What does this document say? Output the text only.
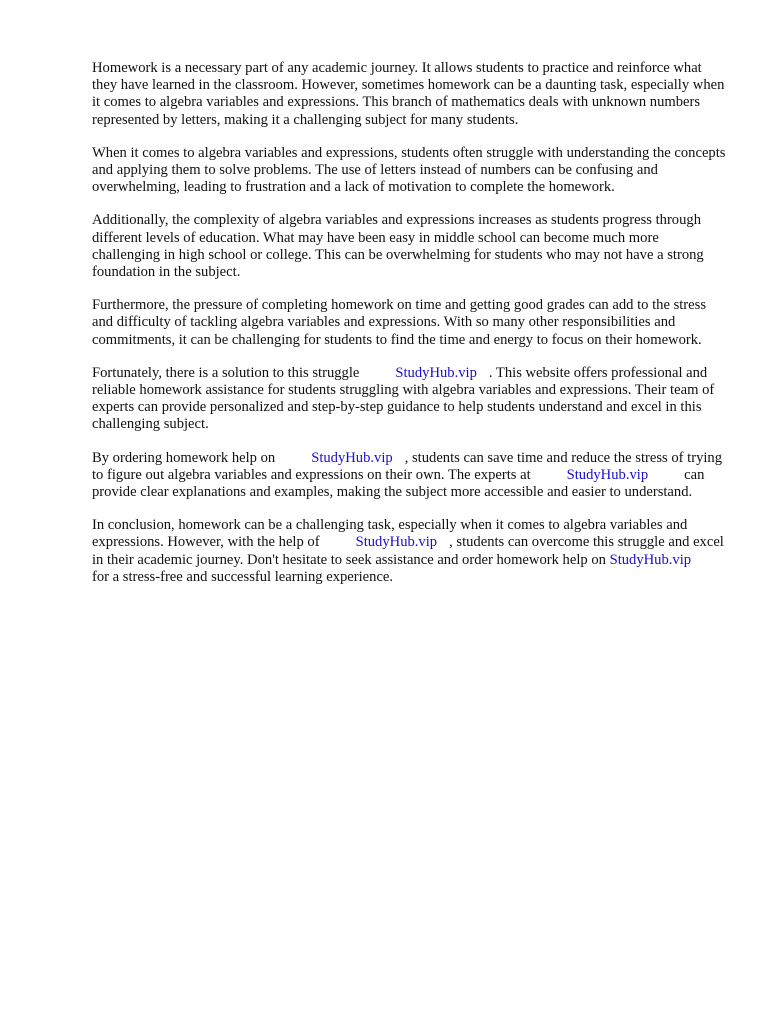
Homework is a necessary part of any academic journey. It allows students to practice and reinforce what they have learned in the classroom. However, sometimes homework can be a daunting task, especially when it comes to algebra variables and expressions. This branch of mathematics deals with unknown numbers represented by letters, making it a challenging subject for many students.

When it comes to algebra variables and expressions, students often struggle with understanding the concepts and applying them to solve problems. The use of letters instead of numbers can be confusing and overwhelming, leading to frustration and a lack of motivation to complete the homework.

Additionally, the complexity of algebra variables and expressions increases as students progress through different levels of education. What may have been easy in middle school can become much more challenging in high school or college. This can be overwhelming for students who may not have a strong foundation in the subject.

Furthermore, the pressure of completing homework on time and getting good grades can add to the stress and difficulty of tackling algebra variables and expressions. With so many other responsibilities and commitments, it can be challenging for students to find the time and energy to focus on their homework.

Fortunately, there is a solution to this struggle StudyHub.vip . This website offers professional and reliable homework assistance for students struggling with algebra variables and expressions. Their team of experts can provide personalized and step-by-step guidance to help students understand and excel in this challenging subject.

By ordering homework help on StudyHub.vip , students can save time and reduce the stress of trying to figure out algebra variables and expressions on their own. The experts at StudyHub.vip can provide clear explanations and examples, making the subject more accessible and easier to understand.

In conclusion, homework can be a challenging task, especially when it comes to algebra variables and expressions. However, with the help of StudyHub.vip , students can overcome this struggle and excel in their academic journey. Don't hesitate to seek assistance and order homework help on StudyHub.vipfor a stress-free and successful learning experience.
